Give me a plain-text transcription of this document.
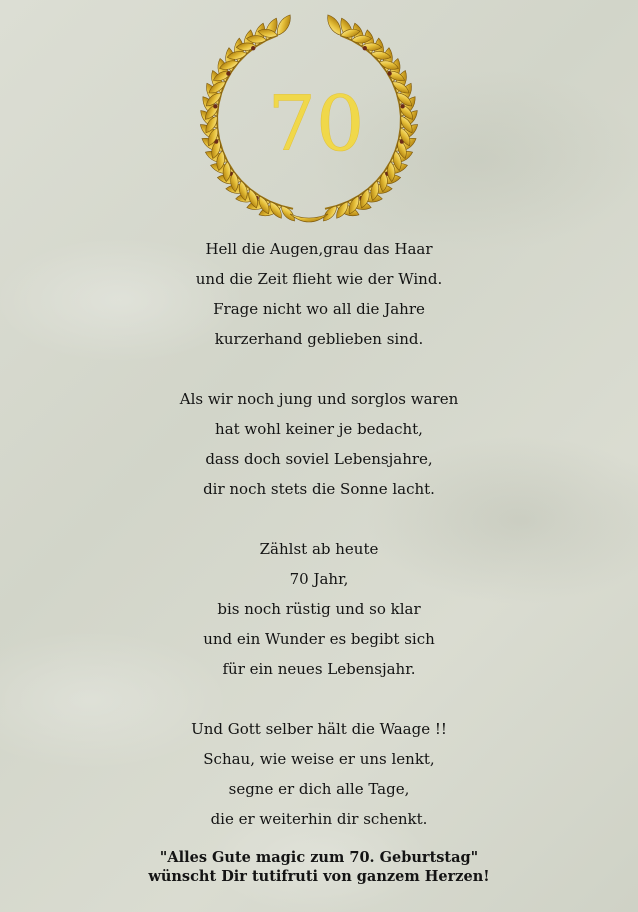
70
Hell die Augen,grau das Haar
und die Zeit flieht wie der Wind.
Frage nicht wo all die Jahre
kurzerhand geblieben sind.
Als wir noch jung und sorglos waren
hat wohl keiner je bedacht,
dass doch soviel Lebensjahre,
dir noch stets die Sonne lacht.
Zählst ab heute
70 Jahr,
bis noch rüstig und so klar
und ein Wunder es begibt sich
für ein neues Lebensjahr.
Und Gott selber hält die Waage !!
Schau, wie weise er uns lenkt,
segne er dich alle Tage,
die er weiterhin dir schenkt.
"Alles Gute magic zum 70. Geburtstag"
wünscht Dir tutifruti von ganzem Herzen!
